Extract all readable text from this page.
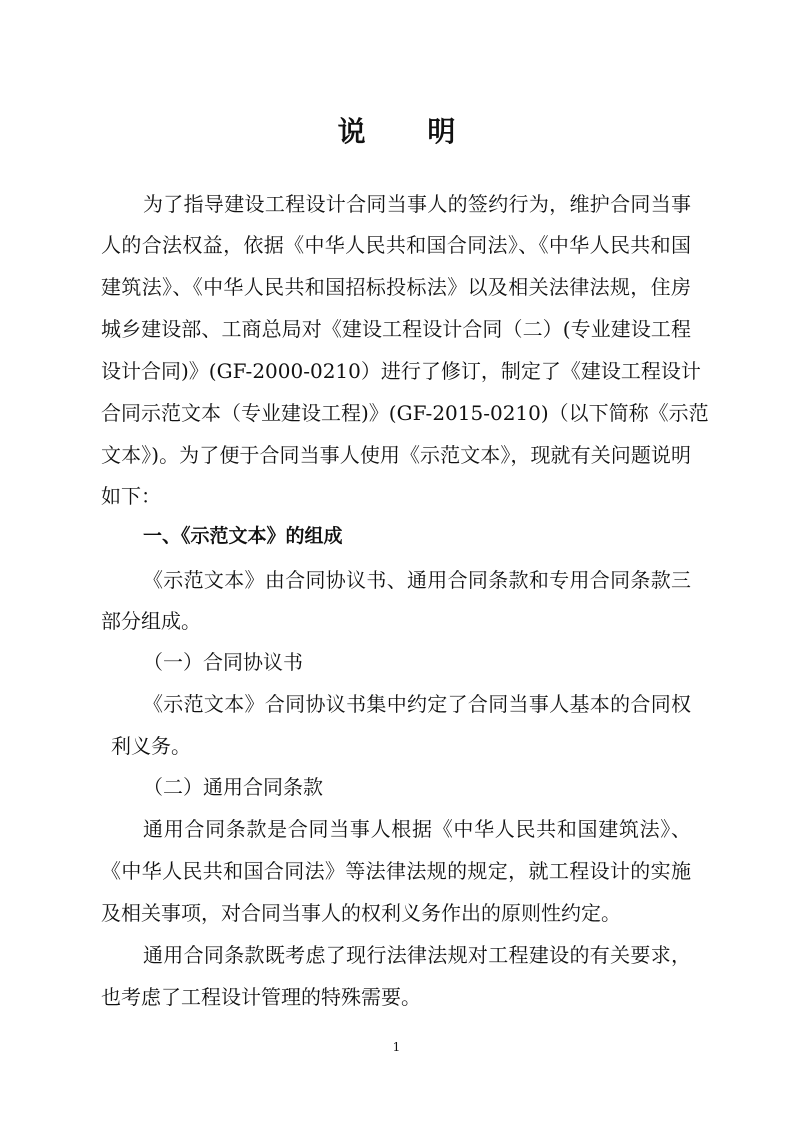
说 明
为了指导建设工程设计合同当事人的签约行为，维护合同当事
人的合法权益，依据《中华人民共和国合同法》、《中华人民共和国
建筑法》、《中华人民共和国招标投标法》以及相关法律法规，住房
城乡建设部、工商总局对《建设工程设计合同（二）(专业建设工程
设计合同)》(GF-2000-0210）进行了修订，制定了《建设工程设计
合同示范文本（专业建设工程)》(GF-2015-0210)（以下简称《示范
文本》)。为了便于合同当事人使用《示范文本》，现就有关问题说明
如下：
一、《示范文本》的组成
《示范文本》由合同协议书、通用合同条款和专用合同条款三
部分组成。
（一）合同协议书
《示范文本》合同协议书集中约定了合同当事人基本的合同权
利义务。
（二）通用合同条款
通用合同条款是合同当事人根据《中华人民共和国建筑法》、
《中华人民共和国合同法》等法律法规的规定，就工程设计的实施
及相关事项，对合同当事人的权利义务作出的原则性约定。
通用合同条款既考虑了现行法律法规对工程建设的有关要求，
也考虑了工程设计管理的特殊需要。
1
